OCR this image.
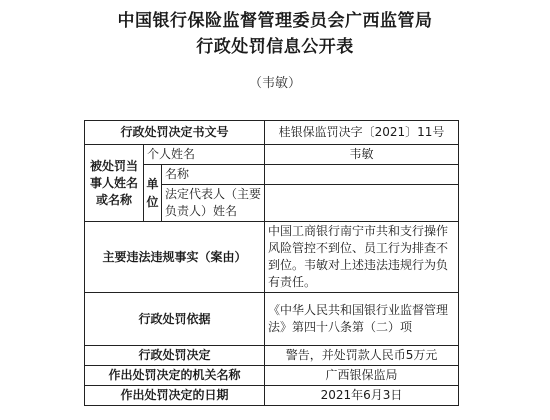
中国银行保险监督管理委员会广西监管局
行政处罚信息公开表
（韦敏）
行政处罚决定书文号			桂银保监罚决字〔2021〕11号
被处罚当事人姓名或名称	个人姓名		韦敏
	单位	名称	
		法定代表人（主要负责人）姓名	
主要违法违规事实（案由）			中国工商银行南宁市共和支行操作风险管控不到位、员工行为排查不到位。韦敏对上述违法违规行为负有责任。
行政处罚依据			《中华人民共和国银行业监督管理法》第四十八条第（二）项
行政处罚决定			警告，并处罚款人民币5万元
作出处罚决定的机关名称			广西银保监局
作出处罚决定的日期			2021年6月3日
